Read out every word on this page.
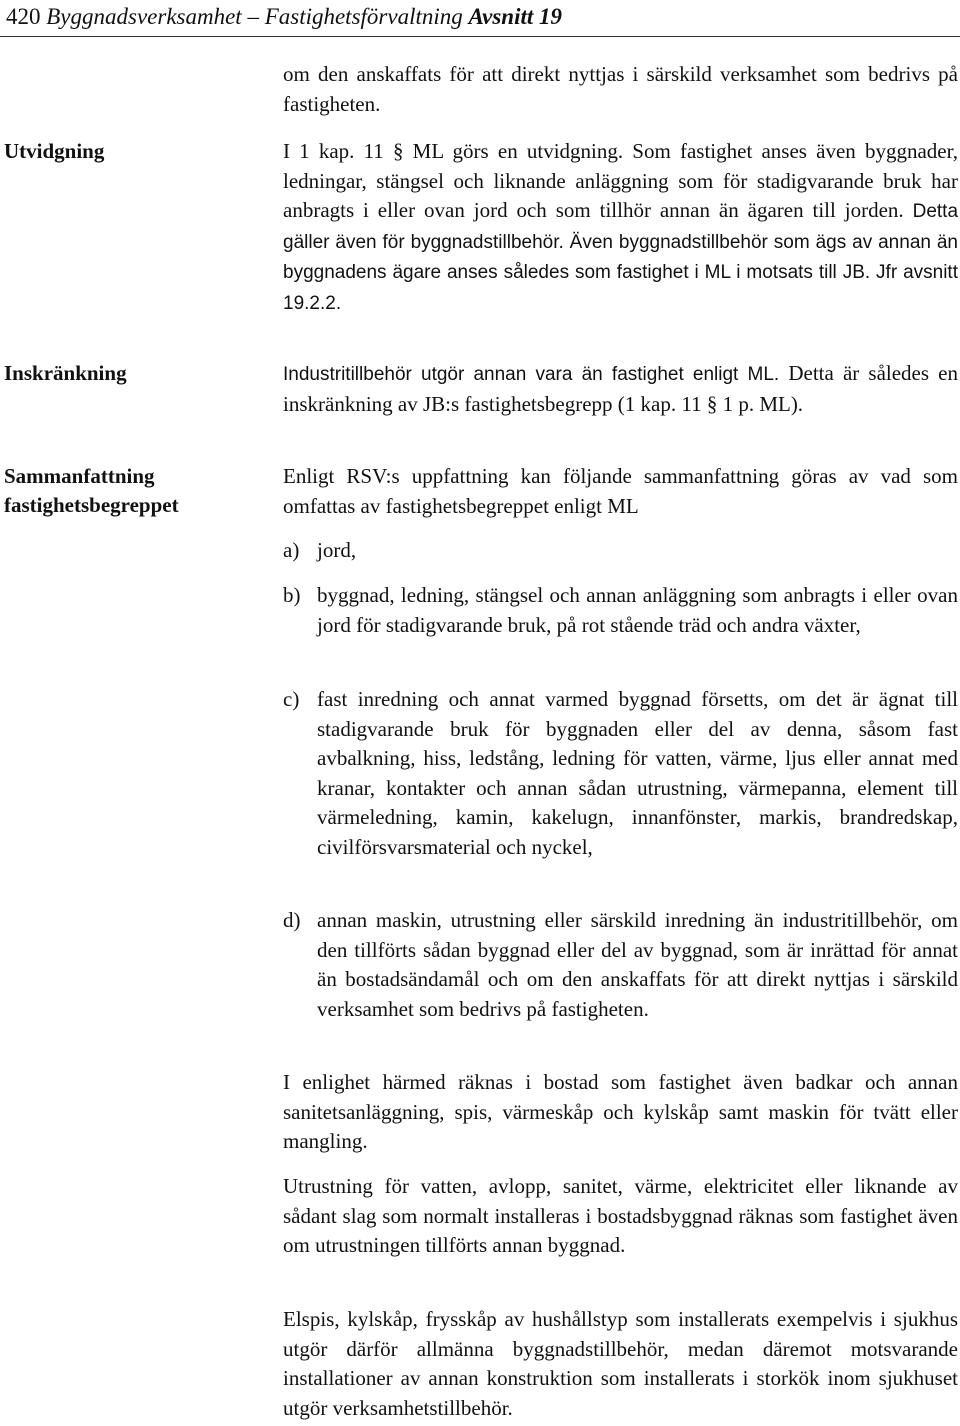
420 Byggnadsverksamhet – Fastighetsförvaltning Avsnitt 19
Utvidgning
Inskränkning
Sammanfattning
fastighetsbegreppet

om den anskaffats för att direkt nyttjas i särskild verksamhet som bedrivs på fastigheten.

I 1 kap. 11 § ML görs en utvidgning. Som fastighet anses även byggnader, ledningar, stängsel och liknande anläggning som för stadigvarande bruk har anbragts i eller ovan jord och som tillhör annan än ägaren till jorden. Detta gäller även för byggnadstillbehör. Även byggnadstillbehör som ägs av annan än byggnadens ägare anses således som fastighet i ML i motsats till JB. Jfr avsnitt 19.2.2.

Industritillbehör utgör annan vara än fastighet enligt ML. Detta är således en inskränkning av JB:s fastighetsbegrepp (1 kap. 11 § 1 p. ML).

Enligt RSV:s uppfattning kan följande sammanfattning göras av vad som omfattas av fastighetsbegreppet enligt ML

a) jord,
b) byggnad, ledning, stängsel och annan anläggning som anbragts i eller ovan jord för stadigvarande bruk, på rot stående träd och andra växter,
c) fast inredning och annat varmed byggnad försetts, om det är ägnat till stadigvarande bruk för byggnaden eller del av denna, såsom fast avbalkning, hiss, ledstång, ledning för vatten, värme, ljus eller annat med kranar, kontakter och annan sådan utrustning, värmepanna, element till värmeledning, kamin, kakelugn, innanfönster, markis, brandredskap, civilförsvarsmaterial och nyckel,
d) annan maskin, utrustning eller särskild inredning än industritillbehör, om den tillförts sådan byggnad eller del av byggnad, som är inrättad för annat än bostadsändamål och om den anskaffats för att direkt nyttjas i särskild verksamhet som bedrivs på fastigheten.

I enlighet härmed räknas i bostad som fastighet även badkar och annan sanitetsanläggning, spis, värmeskåp och kylskåp samt maskin för tvätt eller mangling.

Utrustning för vatten, avlopp, sanitet, värme, elektricitet eller liknande av sådant slag som normalt installeras i bostadsbyggnad räknas som fastighet även om utrustningen tillförts annan byggnad.

Elspis, kylskåp, frysskåp av hushållstyp som installerats exempelvis i sjukhus utgör därför allmänna byggnadstillbehör, medan däremot motsvarande installationer av annan konstruktion som installerats i storkök inom sjukhuset utgör verksamhetstillbehör.
